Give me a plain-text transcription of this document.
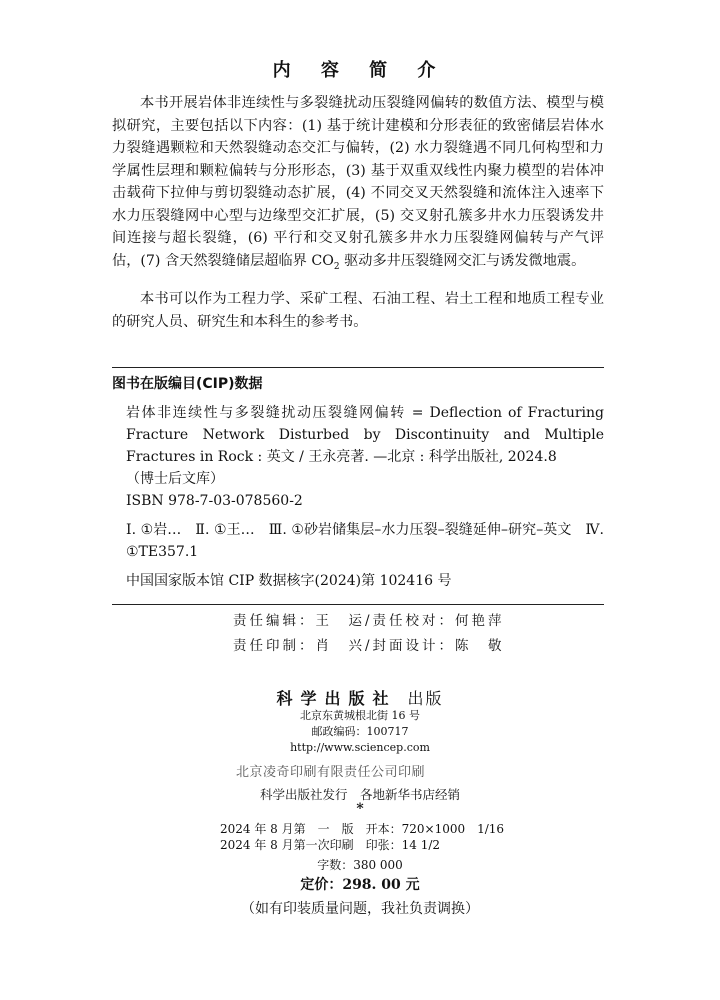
内 容 简 介

本书开展岩体非连续性与多裂缝扰动压裂缝网偏转的数值方法、模型与模拟研究，主要包括以下内容：(1) 基于统计建模和分形表征的致密储层岩体水力裂缝遇颗粒和天然裂缝动态交汇与偏转，(2) 水力裂缝遇不同几何构型和力学属性层理和颗粒偏转与分形形态，(3) 基于双重双线性内聚力模型的岩体冲击载荷下拉伸与剪切裂缝动态扩展，(4) 不同交叉天然裂缝和流体注入速率下水力压裂缝网中心型与边缘型交汇扩展，(5) 交叉射孔簇多井水力压裂诱发井间连接与超长裂缝，(6) 平行和交叉射孔簇多井水力压裂缝网偏转与产气评估，(7) 含天然裂缝储层超临界 $CO_2$ 驱动多井压裂缝网交汇与诱发微地震。

本书可以作为工程力学、采矿工程、石油工程、岩土工程和地质工程专业的研究人员、研究生和本科生的参考书。

图书在版编目(CIP)数据
岩体非连续性与多裂缝扰动压裂缝网偏转 = Deflection of Fracturing Fracture Network Disturbed by Discontinuity and Multiple Fractures in Rock : 英文 / 王永亮著. —北京 : 科学出版社, 2024.8
（博士后文库）
ISBN 978-7-03-078560-2
Ⅰ. ①岩…　Ⅱ. ①王…　Ⅲ. ①砂岩储集层–水力压裂–裂缝延伸–研究–英文　Ⅳ. ①TE357.1
中国国家版本馆 CIP 数据核字(2024)第 102416 号
责任编辑：王　运/责任校对：何艳萍
责任印制：肖　兴/封面设计：陈　敬
科学出版社 出版
北京东黄城根北街 16 号
邮政编码：100717
http://www.sciencep.com
北京凌奇印刷有限责任公司印刷
科学出版社发行　各地新华书店经销
*
2024 年 8 月第　一　版　开本：720×1000　1/16
2024 年 8 月第一次印刷　印张：14 1/2
字数：380 000
定价：298. 00 元
（如有印装质量问题，我社负责调换）
